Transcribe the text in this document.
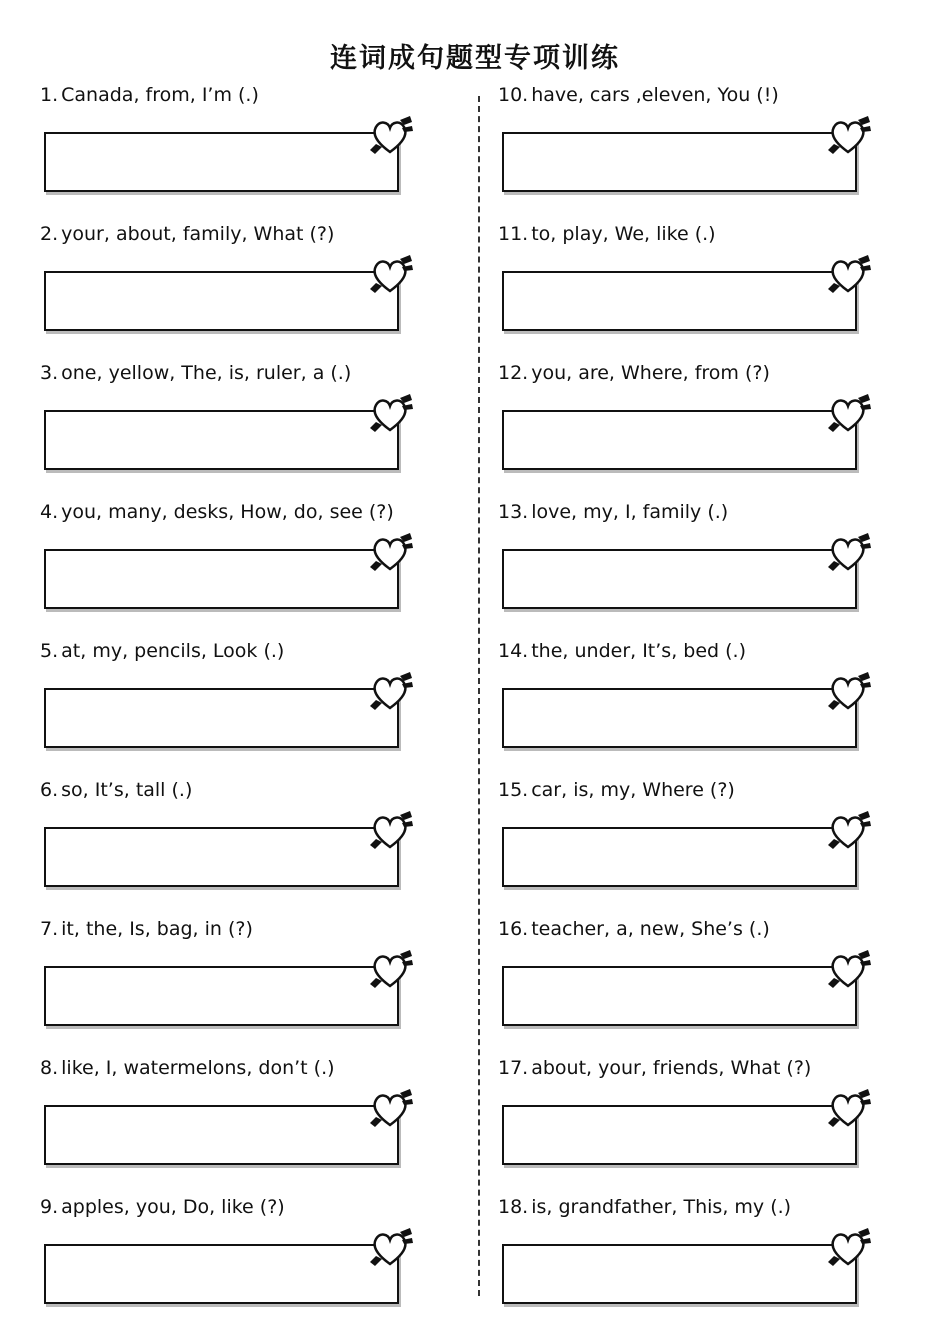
连词成句题型专项训练
1. Canada, from, I’m (.)
2. your, about, family, What (?)
3. one, yellow, The, is, ruler, a (.)
4. you, many, desks, How, do, see (?)
5. at, my, pencils, Look (.)
6. so, It’s, tall (.)
7. it, the, Is, bag, in (?)
8. like, I, watermelons, don’t (.)
9. apples, you, Do, like (?)
10. have, cars ,eleven, You (!)
11. to, play, We, like (.)
12. you, are, Where, from (?)
13. love, my, I, family (.)
14. the, under, It’s, bed (.)
15. car, is, my, Where (?)
16. teacher, a, new, She’s (.)
17. about, your, friends, What (?)
18. is, grandfather, This, my (.)
